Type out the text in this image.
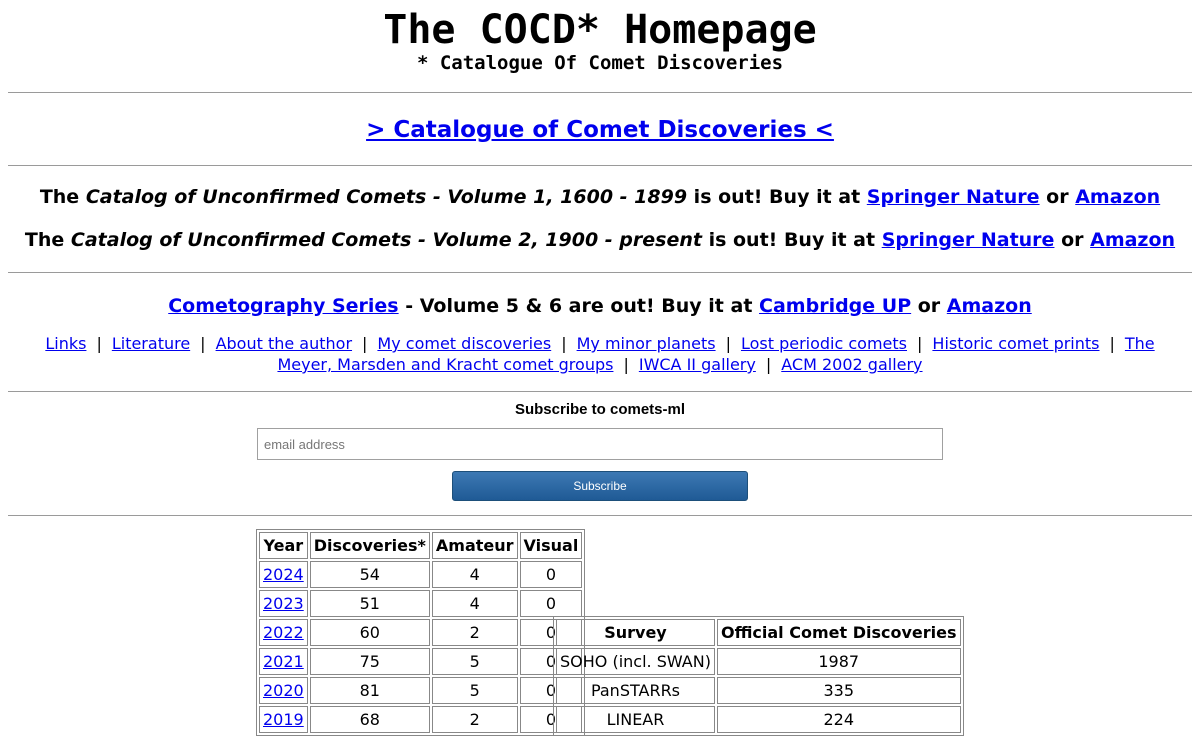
The COCD* Homepage
* Catalogue Of Comet Discoveries
> Catalogue of Comet Discoveries <

The Catalog of Unconfirmed Comets - Volume 1, 1600 - 1899 is out! Buy it at Springer Nature or Amazon

The Catalog of Unconfirmed Comets - Volume 2, 1900 - present is out! Buy it at Springer Nature or Amazon

Cometography Series - Volume 5 & 6 are out! Buy it at Cambridge UP or Amazon
Links | Literature | About the author | My comet discoveries | My minor planets | Lost periodic comets | Historic comet prints | The Meyer, Marsden and Kracht comet groups | IWCA II gallery | ACM 2002 gallery
Subscribe to comets-ml
email address
Subscribe
Year	Discoveries*	Amateur	Visual
2024	54	4	0
2023	51	4	0
2022	60	2	0
2021	75	5	0
2020	81	5	0
2019	68	2	0
Survey	Official Comet Discoveries
SOHO (incl. SWAN)	1987
PanSTARRs	335
LINEAR	224
